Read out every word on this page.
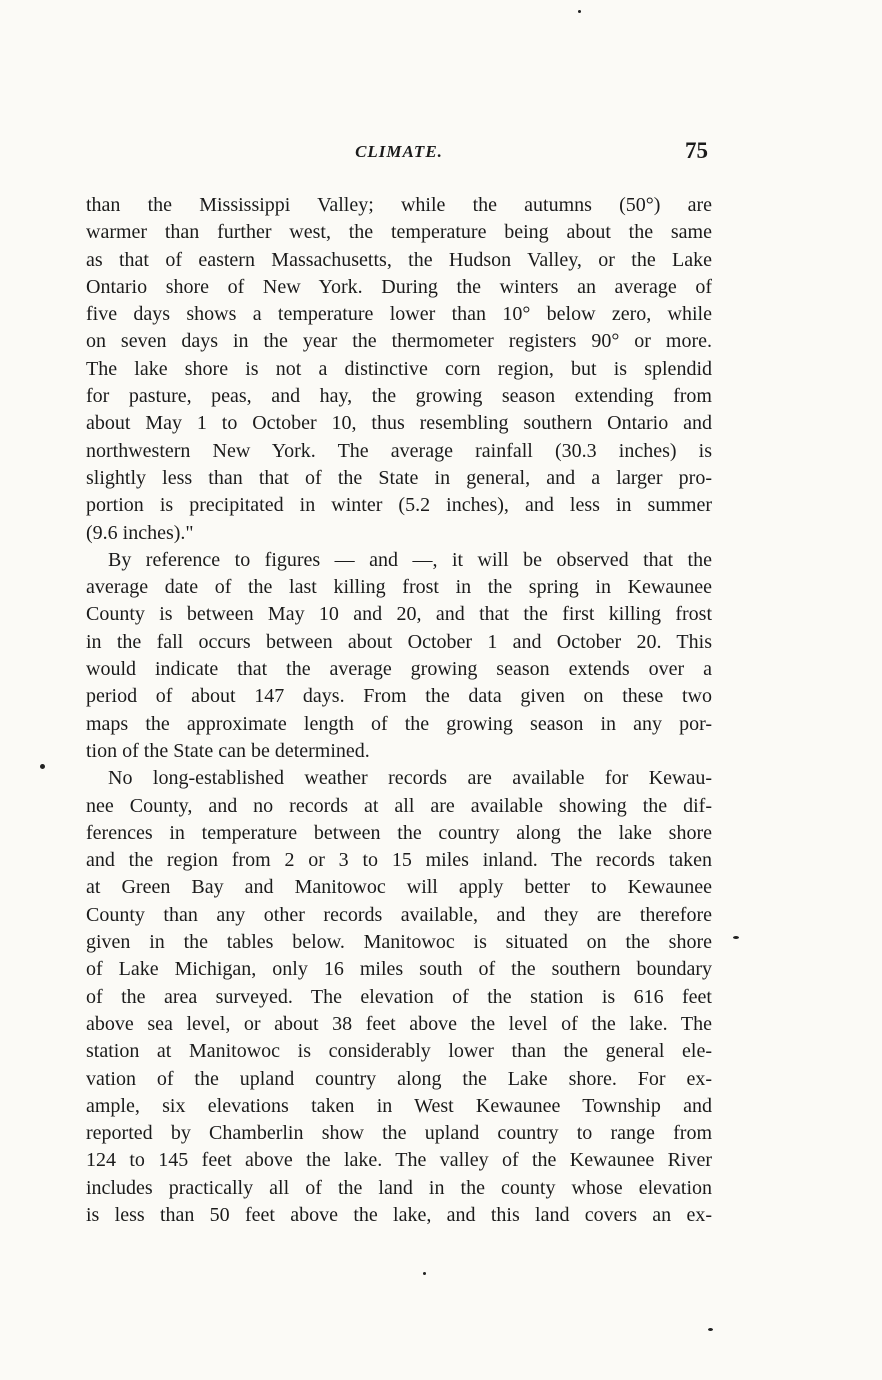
CLIMATE.	75
than the Mississippi Valley; while the autumns (50°) are
warmer than further west, the temperature being about the same
as that of eastern Massachusetts, the Hudson Valley, or the Lake
Ontario shore of New York. During the winters an average of
five days shows a temperature lower than 10° below zero, while
on seven days in the year the thermometer registers 90° or more.
The lake shore is not a distinctive corn region, but is splendid
for pasture, peas, and hay, the growing season extending from
about May 1 to October 10, thus resembling southern Ontario and
northwestern New York. The average rainfall (30.3 inches) is
slightly less than that of the State in general, and a larger pro-
portion is precipitated in winter (5.2 inches), and less in summer
(9.6 inches)."
By reference to figures — and —, it will be observed that the
average date of the last killing frost in the spring in Kewaunee
County is between May 10 and 20, and that the first killing frost
in the fall occurs between about October 1 and October 20. This
would indicate that the average growing season extends over a
period of about 147 days. From the data given on these two
maps the approximate length of the growing season in any por-
tion of the State can be determined.
No long-established weather records are available for Kewau-
nee County, and no records at all are available showing the dif-
ferences in temperature between the country along the lake shore
and the region from 2 or 3 to 15 miles inland. The records taken
at Green Bay and Manitowoc will apply better to Kewaunee
County than any other records available, and they are therefore
given in the tables below. Manitowoc is situated on the shore
of Lake Michigan, only 16 miles south of the southern boundary
of the area surveyed. The elevation of the station is 616 feet
above sea level, or about 38 feet above the level of the lake. The
station at Manitowoc is considerably lower than the general ele-
vation of the upland country along the Lake shore. For ex-
ample, six elevations taken in West Kewaunee Township and
reported by Chamberlin show the upland country to range from
124 to 145 feet above the lake. The valley of the Kewaunee River
includes practically all of the land in the county whose elevation
is less than 50 feet above the lake, and this land covers an ex-
